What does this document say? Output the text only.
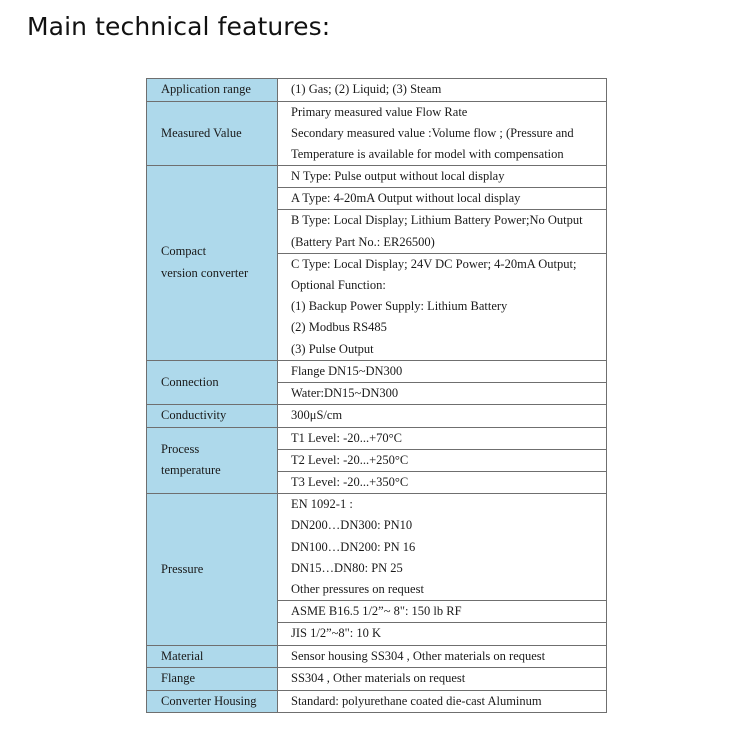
Main technical features:
Application range	(1) Gas; (2) Liquid; (3) Steam

Measured Value	Primary measured value Flow Rate
Secondary measured value :Volume flow ; (Pressure and
Temperature is available for model with compensation

Compact
version converter	N Type: Pulse output without local display

	A Type: 4-20mA Output without local display

	B Type: Local Display; Lithium Battery Power;No Output
(Battery Part No.: ER26500)

	C Type: Local Display; 24V DC Power; 4-20mA Output;
Optional Function:
(1) Backup Power Supply: Lithium Battery
(2) Modbus RS485
(3) Pulse Output

Connection	Flange DN15~DN300

	Water:DN15~DN300

Conductivity	300μS/cm

Process
temperature	T1 Level: -20...+70°C

	T2 Level: -20...+250°C

	T3 Level: -20...+350°C

Pressure	EN 1092-1 :
DN200…DN300: PN10
DN100…DN200: PN 16
DN15…DN80: PN 25
Other pressures on request

	ASME B16.5 1/2”~ 8": 150 lb RF

	JIS 1/2”~8": 10 K

Material	Sensor housing SS304 , Other materials on request

Flange	SS304 , Other materials on request

Converter Housing	Standard: polyurethane coated die-cast Aluminum
